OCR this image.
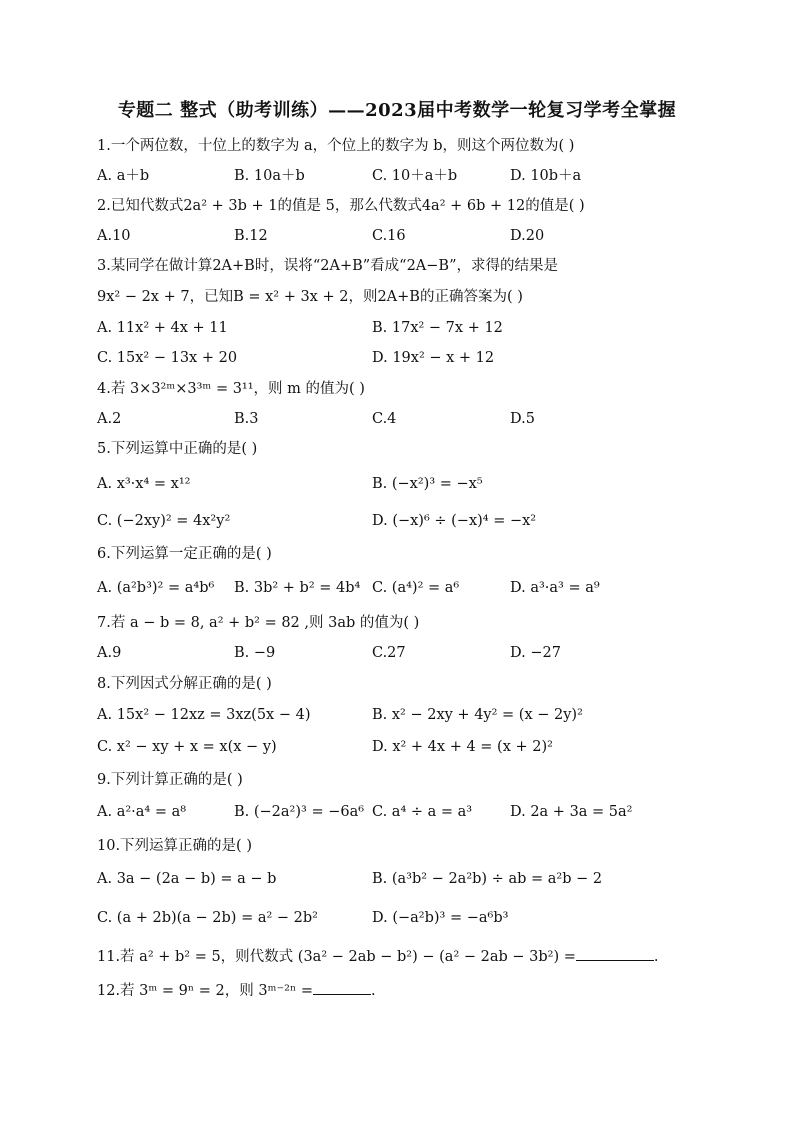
专题二 整式（助考训练）——2023届中考数学一轮复习学考全掌握
1.一个两位数，十位上的数字为 a，个位上的数字为 b，则这个两位数为( )
A. a＋b	B. 10a＋b	C. 10＋a＋b	D. 10b＋a
2.已知代数式2a² + 3b + 1的值是 5，那么代数式4a² + 6b + 12的值是( )
A.10	B.12	C.16	D.20
3.某同学在做计算2A+B时，误将“2A+B”看成“2A−B”，求得的结果是
9x² − 2x + 7，已知B = x² + 3x + 2，则2A+B的正确答案为( )
A. 11x² + 4x + 11	B. 17x² − 7x + 12
C. 15x² − 13x + 20	D. 19x² − x + 12
4.若 3×3²ᵐ×3³ᵐ = 3¹¹，则 m 的值为( )
A.2	B.3	C.4	D.5
5.下列运算中正确的是( )
A. x³·x⁴ = x¹²	B. (−x²)³ = −x⁵
C. (−2xy)² = 4x²y²	D. (−x)⁶ ÷ (−x)⁴ = −x²
6.下列运算一定正确的是( )
A. (a²b³)² = a⁴b⁶ B. 3b² + b² = 4b⁴ C. (a⁴)² = a⁶	D. a³·a³ = a⁹
7.若 a − b = 8, a² + b² = 82 ,则 3ab 的值为( )
A.9	B. −9	C.27	D. −27
8.下列因式分解正确的是( )
A. 15x² − 12xz = 3xz(5x − 4)	B. x² − 2xy + 4y² = (x − 2y)²
C. x² − xy + x = x(x − y)	D. x² + 4x + 4 = (x + 2)²
9.下列计算正确的是( )
A. a²·a⁴ = a⁸	B. (−2a²)³ = −6a⁶ C. a⁴ ÷ a = a³	D. 2a + 3a = 5a²
10.下列运算正确的是( )
A. 3a − (2a − b) = a − b	B. (a³b² − 2a²b) ÷ ab = a²b − 2
C. (a + 2b)(a − 2b) = a² − 2b²	D. (−a²b)³ = −a⁶b³
11.若 a² + b² = 5，则代数式 (3a² − 2ab − b²) − (a² − 2ab − 3b²) =	.
12.若 3ᵐ = 9ⁿ = 2，则 3ᵐ⁻²ⁿ =	.
